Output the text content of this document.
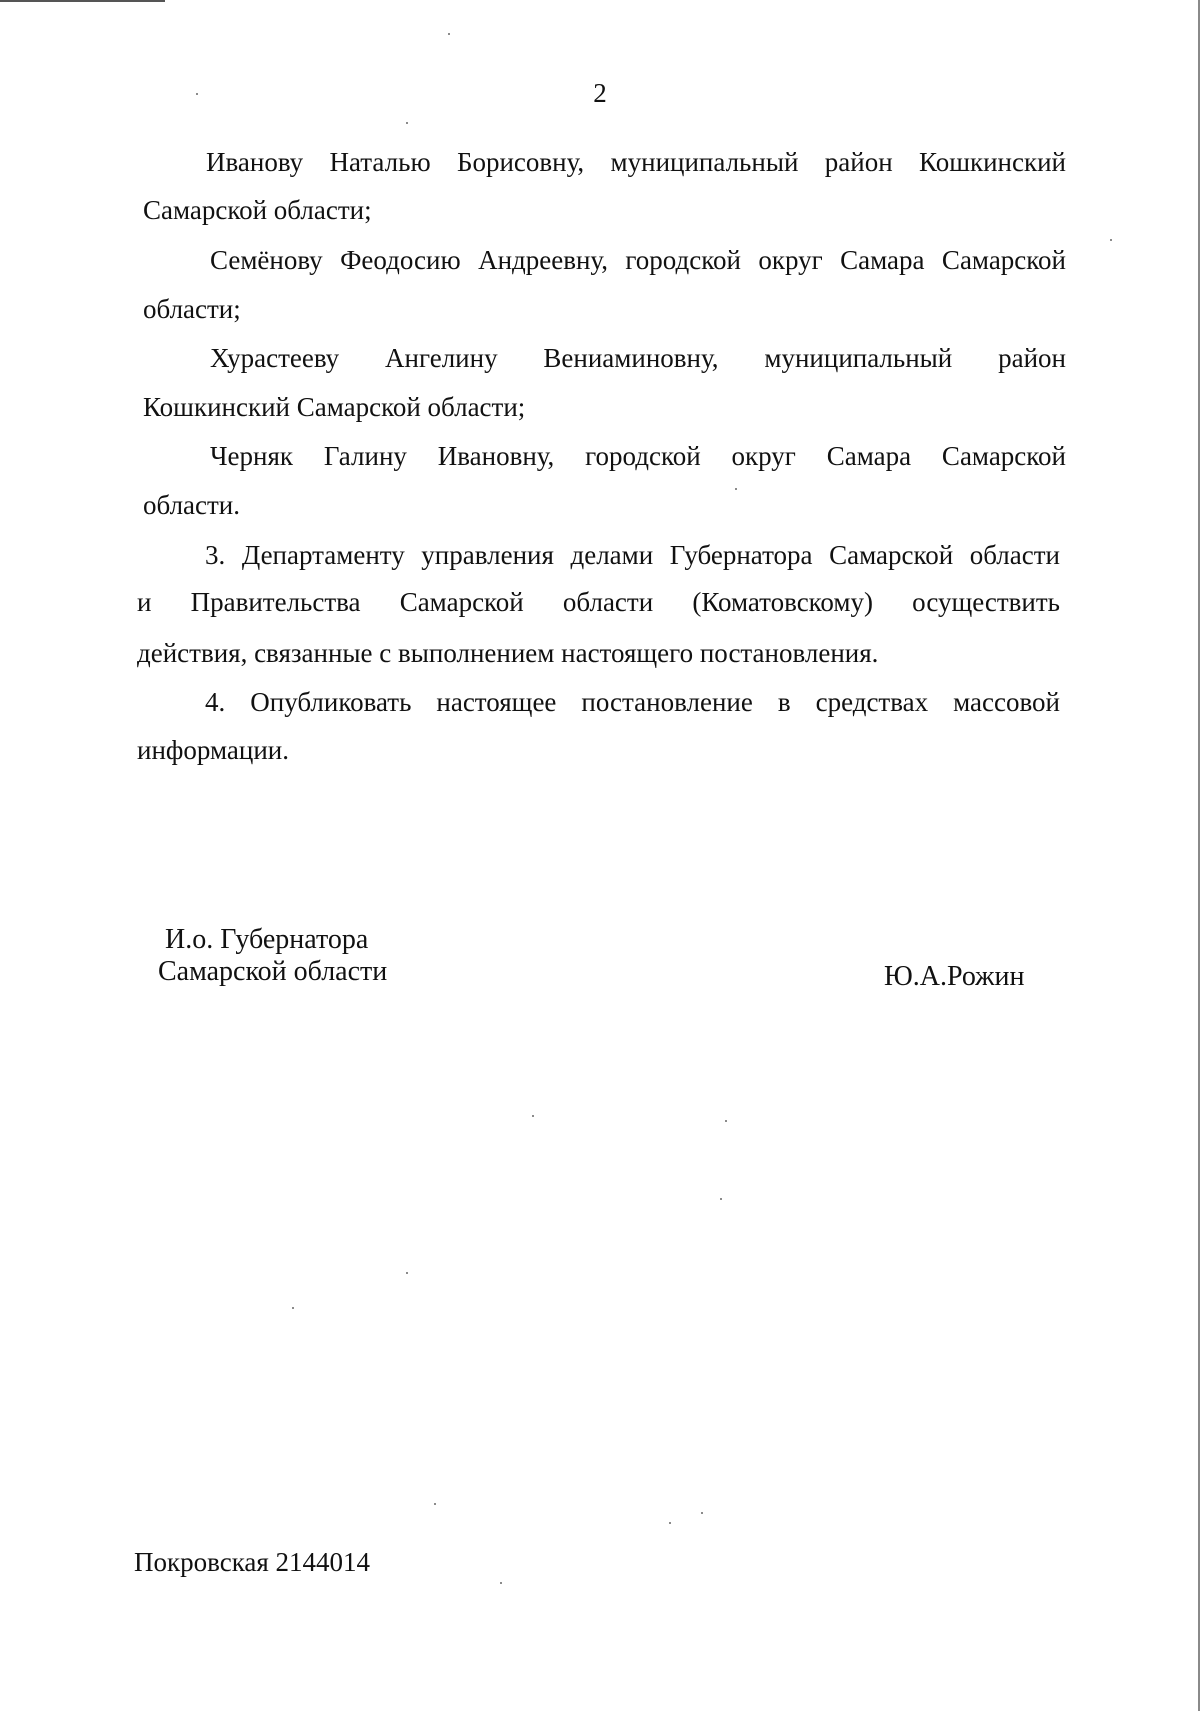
2
Иванову Наталью Борисовну, муниципальный район Кошкинский
Самарской области;
Семёнову Феодосию Андреевну, городской округ Самара Самарской
области;
Хурастееву Ангелину Вениаминовну, муниципальный район
Кошкинский Самарской области;
Черняк Галину Ивановну, городской округ Самара Самарской
области.
3. Департаменту управления делами Губернатора Самарской области
и Правительства Самарской области (Коматовскому) осуществить
действия, связанные с выполнением настоящего постановления.
4. Опубликовать настоящее постановление в средствах массовой
информации.
И.о. Губернатора
Самарской области	Ю.А.Рожин
Покровская 2144014
